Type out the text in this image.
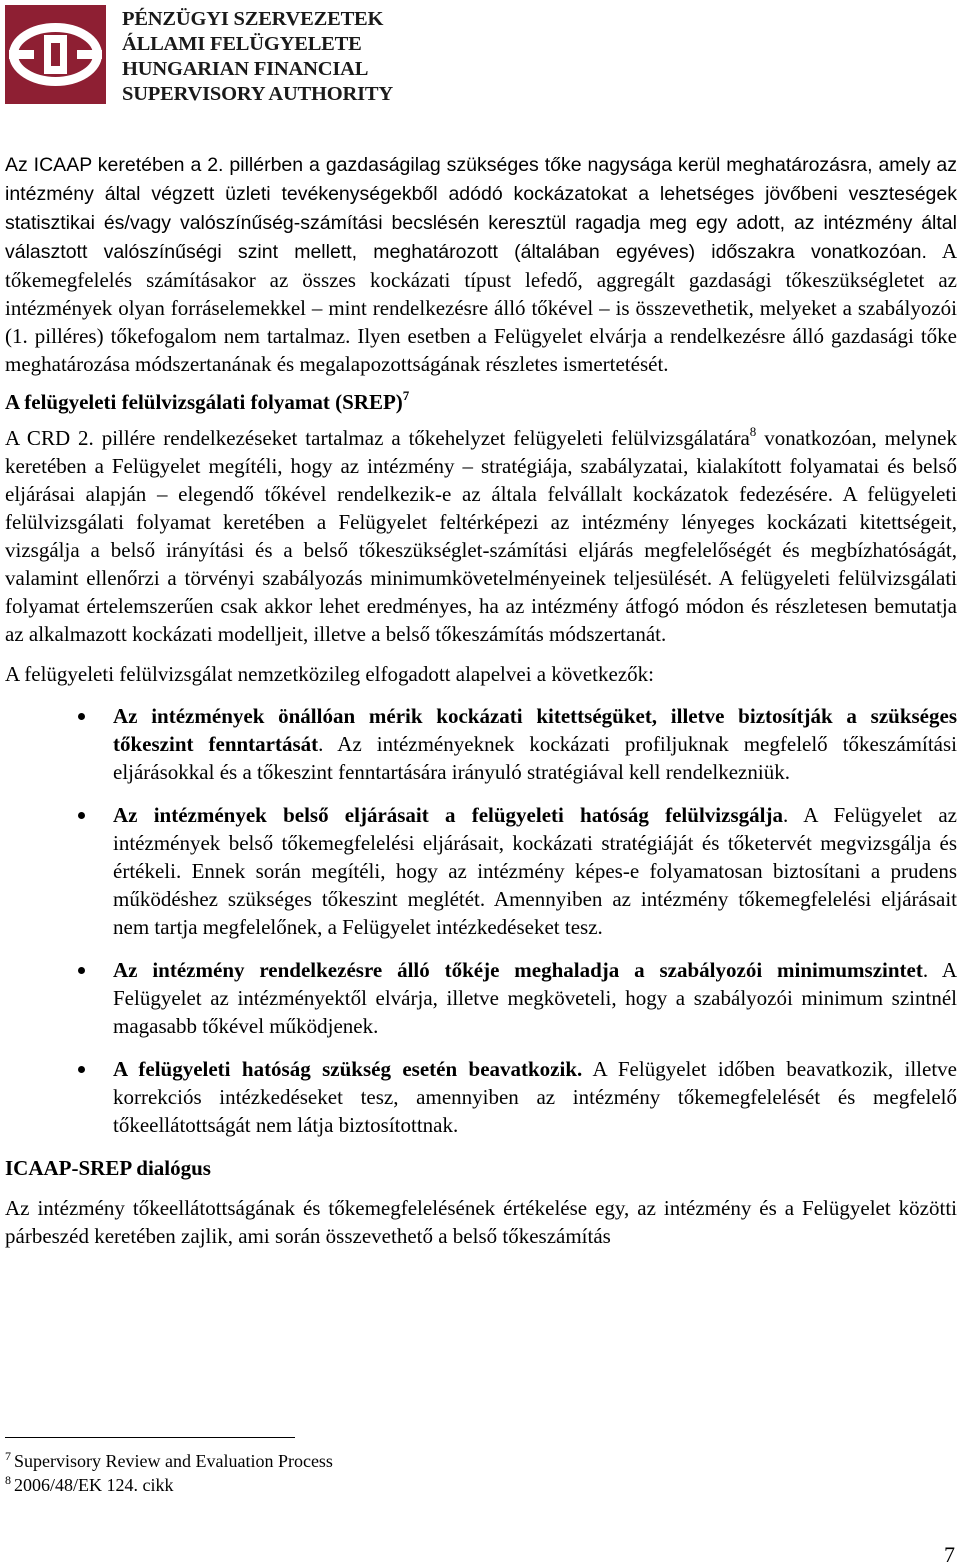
PÉNZÜGYI SZERVEZETEK
ÁLLAMI FELÜGYELETE
HUNGARIAN FINANCIAL
SUPERVISORY AUTHORITY

Az ICAAP keretében a 2. pillérben a gazdaságilag szükséges tőke nagysága kerül meghatározásra, amely az intézmény által végzett üzleti tevékenységekből adódó kockázatokat a lehetséges jövőbeni veszteségek statisztikai és/vagy valószínűség-számítási becslésén keresztül ragadja meg egy adott, az intézmény által választott valószínűségi szint mellett, meghatározott (általában egyéves) időszakra vonatkozóan. A tőkemegfelelés számításakor az összes kockázati típust lefedő, aggregált gazdasági tőkeszükségletet az intézmények olyan forráselemekkel – mint rendelkezésre álló tőkével – is összevethetik, melyeket a szabályozói (1. pilléres) tőkefogalom nem tartalmaz. Ilyen esetben a Felügyelet elvárja a rendelkezésre álló gazdasági tőke meghatározása módszertanának és megalapozottságának részletes ismertetését.

A felügyeleti felülvizsgálati folyamat (SREP)$^7$

A CRD 2. pillére rendelkezéseket tartalmaz a tőkehelyzet felügyeleti felülvizsgálatára$^8$ vonatkozóan, melynek keretében a Felügyelet megítéli, hogy az intézmény – stratégiája, szabályzatai, kialakított folyamatai és belső eljárásai alapján – elegendő tőkével rendelkezik-e az általa felvállalt kockázatok fedezésére. A felügyeleti felülvizsgálati folyamat keretében a Felügyelet feltérképezi az intézmény lényeges kockázati kitettségeit, vizsgálja a belső irányítási és a belső tőkeszükséglet-számítási eljárás megfelelőségét és megbízhatóságát, valamint ellenőrzi a törvényi szabályozás minimumkövetelményeinek teljesülését. A felügyeleti felülvizsgálati folyamat értelemszerűen csak akkor lehet eredményes, ha az intézmény átfogó módon és részletesen bemutatja az alkalmazott kockázati modelljeit, illetve a belső tőkeszámítás módszertanát.

A felügyeleti felülvizsgálat nemzetközileg elfogadott alapelvei a következők:

Az intézmények önállóan mérik kockázati kitettségüket, illetve biztosítják a szükséges tőkeszint fenntartását. Az intézményeknek kockázati profiljuknak megfelelő tőkeszámítási eljárásokkal és a tőkeszint fenntartására irányuló stratégiával kell rendelkezniük.

Az intézmények belső eljárásait a felügyeleti hatóság felülvizsgálja. A Felügyelet az intézmények belső tőkemegfelelési eljárásait, kockázati stratégiáját és tőketervét megvizsgálja és értékeli. Ennek során megítéli, hogy az intézmény képes-e folyamatosan biztosítani a prudens működéshez szükséges tőkeszint meglétét. Amennyiben az intézmény tőkemegfelelési eljárásait nem tartja megfelelőnek, a Felügyelet intézkedéseket tesz.

Az intézmény rendelkezésre álló tőkéje meghaladja a szabályozói minimumszintet. A Felügyelet az intézményektől elvárja, illetve megköveteli, hogy a szabályozói minimum szintnél magasabb tőkével működjenek.

A felügyeleti hatóság szükség esetén beavatkozik. A Felügyelet időben beavatkozik, illetve korrekciós intézkedéseket tesz, amennyiben az intézmény tőkemegfelelését és megfelelő tőkeellátottságát nem látja biztosítottnak.

ICAAP-SREP dialógus

Az intézmény tőkeellátottságának és tőkemegfelelésének értékelése egy, az intézmény és a Felügyelet közötti párbeszéd keretében zajlik, ami során összevethető a belső tőkeszámítás

$^7$ Supervisory Review and Evaluation Process
$^8$ 2006/48/EK 124. cikk
7
